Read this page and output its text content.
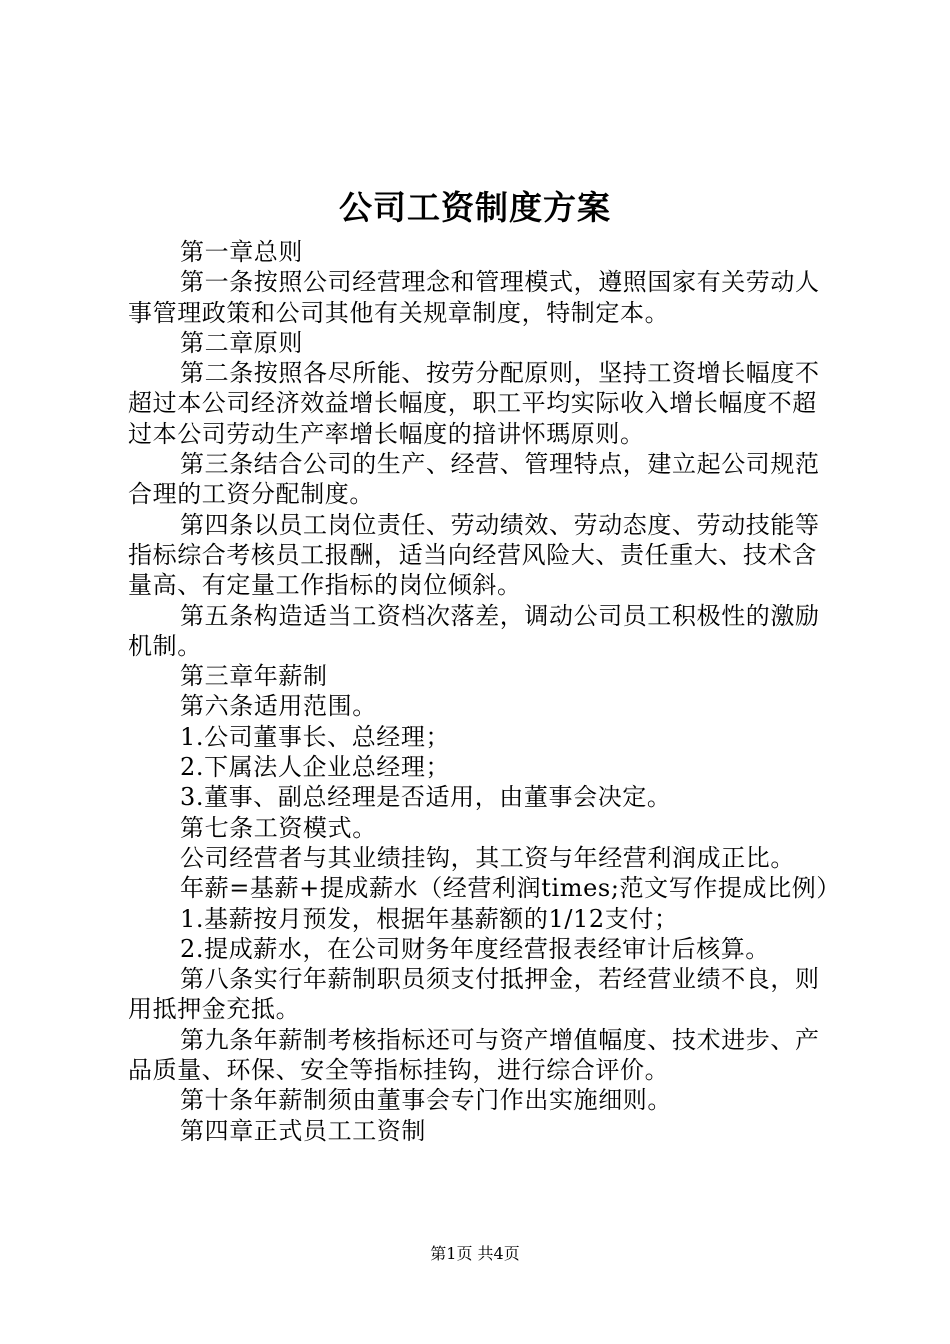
公司工资制度方案

第一章总则

第一条按照公司经营理念和管理模式，遵照国家有关劳动人事管理政策和公司其他有关规章制度，特制定本。

第二章原则

第二条按照各尽所能、按劳分配原则，坚持工资增长幅度不超过本公司经济效益增长幅度，职工平均实际收入增长幅度不超过本公司劳动生产率增长幅度的揞讲怀瑪原则。

第三条结合公司的生产、经营、管理特点，建立起公司规范合理的工资分配制度。

第四条以员工岗位责任、劳动绩效、劳动态度、劳动技能等指标综合考核员工报酬，适当向经营风险大、责任重大、技术含量高、有定量工作指标的岗位倾斜。

第五条构造适当工资档次落差，调动公司员工积极性的激励机制。

第三章年薪制

第六条适用范围。

1.公司董事长、总经理；

2.下属法人企业总经理；

3.董事、副总经理是否适用，由董事会决定。

第七条工资模式。

公司经营者与其业绩挂钩，其工资与年经营利润成正比。

年薪=基薪+提成薪水（经营利润times;范文写作提成比例）

1.基薪按月预发，根据年基薪额的1/12支付；

2.提成薪水，在公司财务年度经营报表经审计后核算。

第八条实行年薪制职员须支付抵押金，若经营业绩不良，则用抵押金充抵。

第九条年薪制考核指标还可与资产增值幅度、技术进步、产品质量、环保、安全等指标挂钩，进行综合评价。

第十条年薪制须由董事会专门作出实施细则。

第四章正式员工工资制

第1页 共4页
